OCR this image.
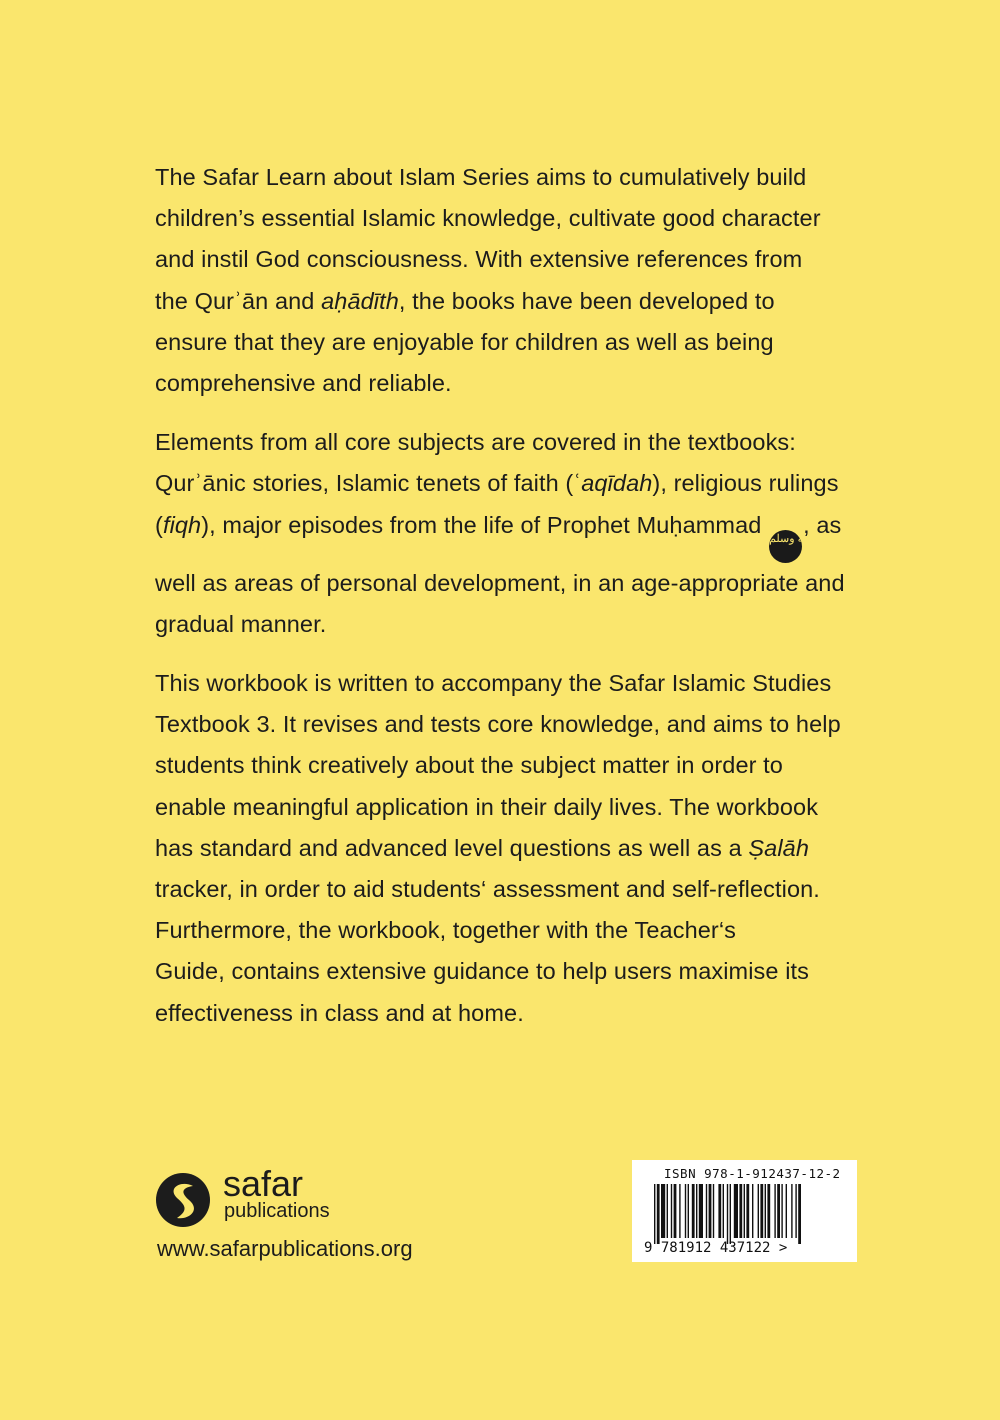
The Safar Learn about Islam Series aims to cumulatively build
children’s essential Islamic knowledge, cultivate good character
and instil God consciousness. With extensive references from
the Qurʾān and aḥādīth, the books have been developed to
ensure that they are enjoyable for children as well as being
comprehensive and reliable.

Elements from all core subjects are covered in the textbooks:
Qurʾānic stories, Islamic tenets of faith (ʿaqīdah), religious rulings
(fiqh), major episodes from the life of Prophet Muḥammad صلى الله عليه وسلم, as
well as areas of personal development, in an age-appropriate and
gradual manner.

This workbook is written to accompany the Safar Islamic Studies
Textbook 3. It revises and tests core knowledge, and aims to help
students think creatively about the subject matter in order to
enable meaningful application in their daily lives. The workbook
has standard and advanced level questions as well as a Ṣalāh
tracker, in order to aid students‘ assessment and self-reflection.
Furthermore, the workbook, together with the Teacher‘s
Guide, contains extensive guidance to help users maximise its
effectiveness in class and at home.

safar
publications
www.safarpublications.org
ISBN 978-1-912437-12-2
9 781912 437122 >
